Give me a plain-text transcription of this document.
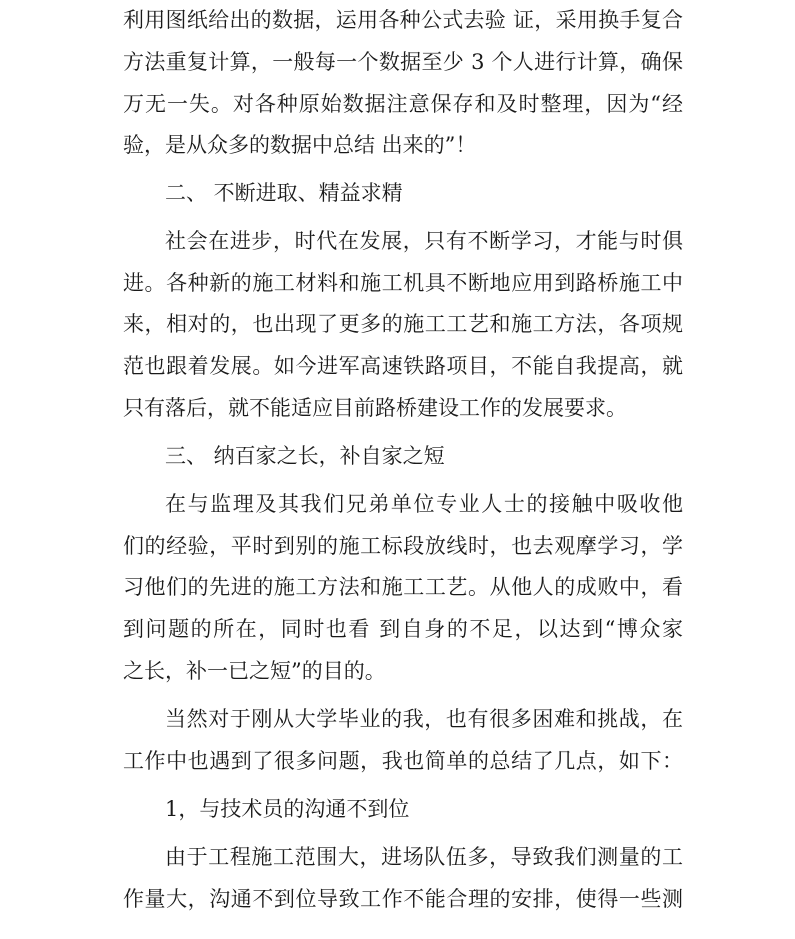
利用图纸给出的数据，运用各种公式去验 证，采用换手复合
方法重复计算，一般每一个数据至少 3 个人进行计算，确保
万无一失。对各种原始数据注意保存和及时整理，因为“经
验，是从众多的数据中总结 出来的”！
二、 不断进取、精益求精
社会在进步，时代在发展，只有不断学习，才能与时俱
进。各种新的施工材料和施工机具不断地应用到路桥施工中
来，相对的，也出现了更多的施工工艺和施工方法，各项规
范也跟着发展。如今进军高速铁路项目，不能自我提高，就
只有落后，就不能适应目前路桥建设工作的发展要求。
三、 纳百家之长，补自家之短
在与监理及其我们兄弟单位专业人士的接触中吸收他
们的经验，平时到别的施工标段放线时，也去观摩学习，学
习他们的先进的施工方法和施工工艺。从他人的成败中，看
到问题的所在，同时也看 到自身的不足，以达到“博众家
之长，补一已之短”的目的。
当然对于刚从大学毕业的我，也有很多困难和挑战，在
工作中也遇到了很多问题，我也简单的总结了几点，如下：
1，与技术员的沟通不到位
由于工程施工范围大，进场队伍多，导致我们测量的工
作量大，沟通不到位导致工作不能合理的安排，使得一些测
